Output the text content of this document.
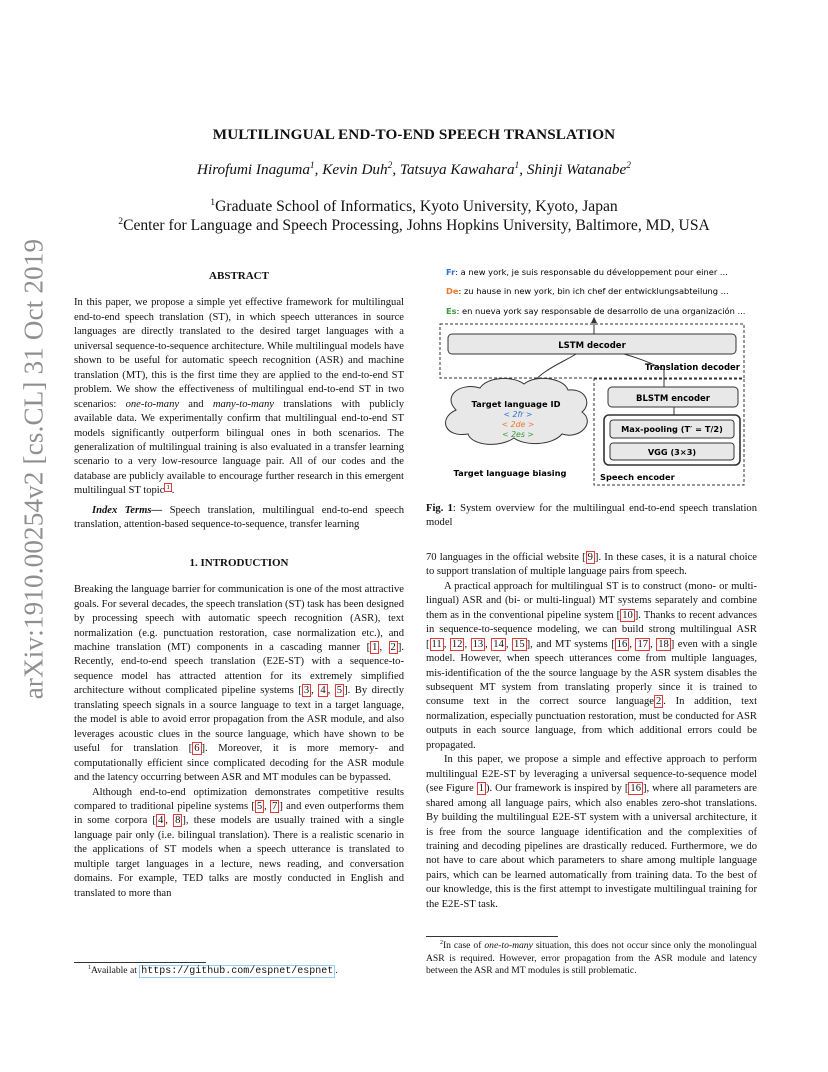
arXiv:1910.00254v2 [cs.CL] 31 Oct 2019
MULTILINGUAL END-TO-END SPEECH TRANSLATION
Hirofumi Inaguma$^1$, Kevin Duh$^2$, Tatsuya Kawahara$^1$, Shinji Watanabe$^2$
$^1$Graduate School of Informatics, Kyoto University, Kyoto, Japan
$^2$Center for Language and Speech Processing, Johns Hopkins University, Baltimore, MD, USA
ABSTRACT

In this paper, we propose a simple yet effective framework for multilingual end-to-end speech translation (ST), in which speech utterances in source languages are directly translated to the desired target languages with a universal sequence-to-sequence architecture. While multilingual models have shown to be useful for automatic speech recognition (ASR) and machine translation (MT), this is the first time they are applied to the end-to-end ST problem. We show the effectiveness of multilingual end-to-end ST in two scenarios: one-to-many and many-to-many translations with publicly available data. We experimentally confirm that multilingual end-to-end ST models significantly outperform bilingual ones in both scenarios. The generalization of multilingual training is also evaluated in a transfer learning scenario to a very low-resource language pair. All of our codes and the database are publicly available to encourage further research in this emergent multilingual ST topic $^1$ .

Index Terms— Speech translation, multilingual end-to-end speech translation, attention-based sequence-to-sequence, transfer learning

1. INTRODUCTION

Breaking the language barrier for communication is one of the most attractive goals. For several decades, the speech translation (ST) task has been designed by processing speech with automatic speech recognition (ASR), text normalization (e.g. punctuation restoration, case normalization etc.), and machine translation (MT) components in a cascading manner [ 1 , 2 ]. Recently, end-to-end speech translation (E2E-ST) with a sequence-to-sequence model has attracted attention for its extremely simplified architecture without complicated pipeline systems [ 3 , 4 , 5 ]. By directly translating speech signals in a source language to text in a target language, the model is able to avoid error propagation from the ASR module, and also leverages acoustic clues in the source language, which have shown to be useful for translation [ 6 ]. Moreover, it is more memory- and computationally efficient since complicated decoding for the ASR module and the latency occurring between ASR and MT modules can be bypassed.

Although end-to-end optimization demonstrates competitive results compared to traditional pipeline systems [ 5 , 7 ] and even outperforms them in some corpora [ 4 , 8 ], these models are usually trained with a single language pair only (i.e. bilingual translation). There is a realistic scenario in the applications of ST models when a speech utterance is translated to multiple target languages in a lecture, news reading, and conversation domains. For example, TED talks are mostly conducted in English and translated to more than

$^1$Available at https://github.com/espnet/espnet .
Fr: a new york, je suis responsable du développement pour einer ...
De: zu hause in new york, bin ich chef der entwicklungsabteilung ...
Es: en nueva york say responsable de desarrollo de una organización ...
LSTM decoder
Translation decoder
Target language ID
< 2fr >
< 2de >
< 2es >
Target language biasing
BLSTM encoder
Max-pooling (T′ = T/2)
VGG (3×3)
Speech encoder

Fig. 1: System overview for the multilingual end-to-end speech translation model

70 languages in the official website [ 9 ]. In these cases, it is a natural choice to support translation of multiple language pairs from speech.

A practical approach for multilingual ST is to construct (mono- or multi-lingual) ASR and (bi- or multi-lingual) MT systems separately and combine them as in the conventional pipeline system [ 10 ]. Thanks to recent advances in sequence-to-sequence modeling, we can build strong multilingual ASR [ 11 , 12 , 13 , 14 , 15 ], and MT systems [ 16 , 17 , 18 ] even with a single model. However, when speech utterances come from multiple languages, mis-identification of the the source language by the ASR system disables the subsequent MT system from translating properly since it is trained to consume text in the correct source language 2 . In addition, text normalization, especially punctuation restoration, must be conducted for ASR outputs in each source language, from which additional errors could be propagated.

In this paper, we propose a simple and effective approach to perform multilingual E2E-ST by leveraging a universal sequence-to-sequence model (see Figure 1 ). Our framework is inspired by [ 16 ], where all parameters are shared among all language pairs, which also enables zero-shot translations. By building the multilingual E2E-ST system with a universal architecture, it is free from the source language identification and the complexities of training and decoding pipelines are drastically reduced. Furthermore, we do not have to care about which parameters to share among multiple language pairs, which can be learned automatically from training data. To the best of our knowledge, this is the first attempt to investigate multilingual training for the E2E-ST task.

$^2$In case of one-to-many situation, this does not occur since only the monolingual ASR is required. However, error propagation from the ASR module and latency between the ASR and MT modules is still problematic.
